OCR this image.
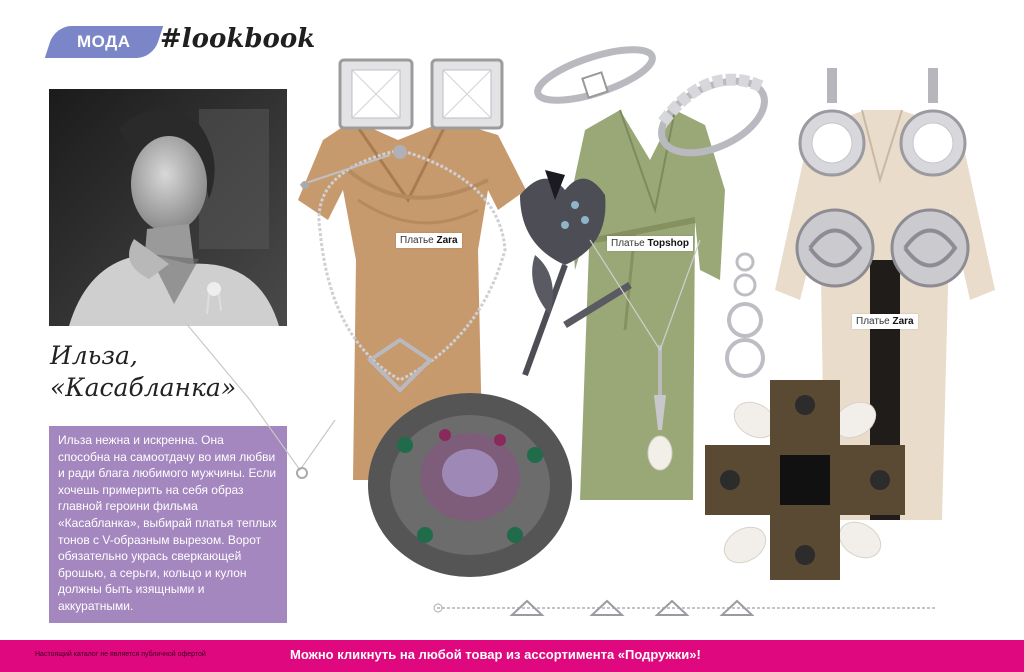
МОДА #lookbook
Ильза,
«Касабланка»

Ильза нежна и искренна. Она способна на самоотдачу во имя любви и ради блага любимого мужчины. Если хочешь примерить на себя образ главной героини фильма «Касабланка», выбирай платья теплых тонов с V-образным вырезом. Ворот обязательно укрась сверкающей брошью, а серьги, кольцо и кулон должны быть изящными и аккуратными.

Платье Zara	Платье Topshop
Платье Zara
Настоящий каталог не является публичной офертой	Можно кликнуть на любой товар из ассортимента «Подружки»!
